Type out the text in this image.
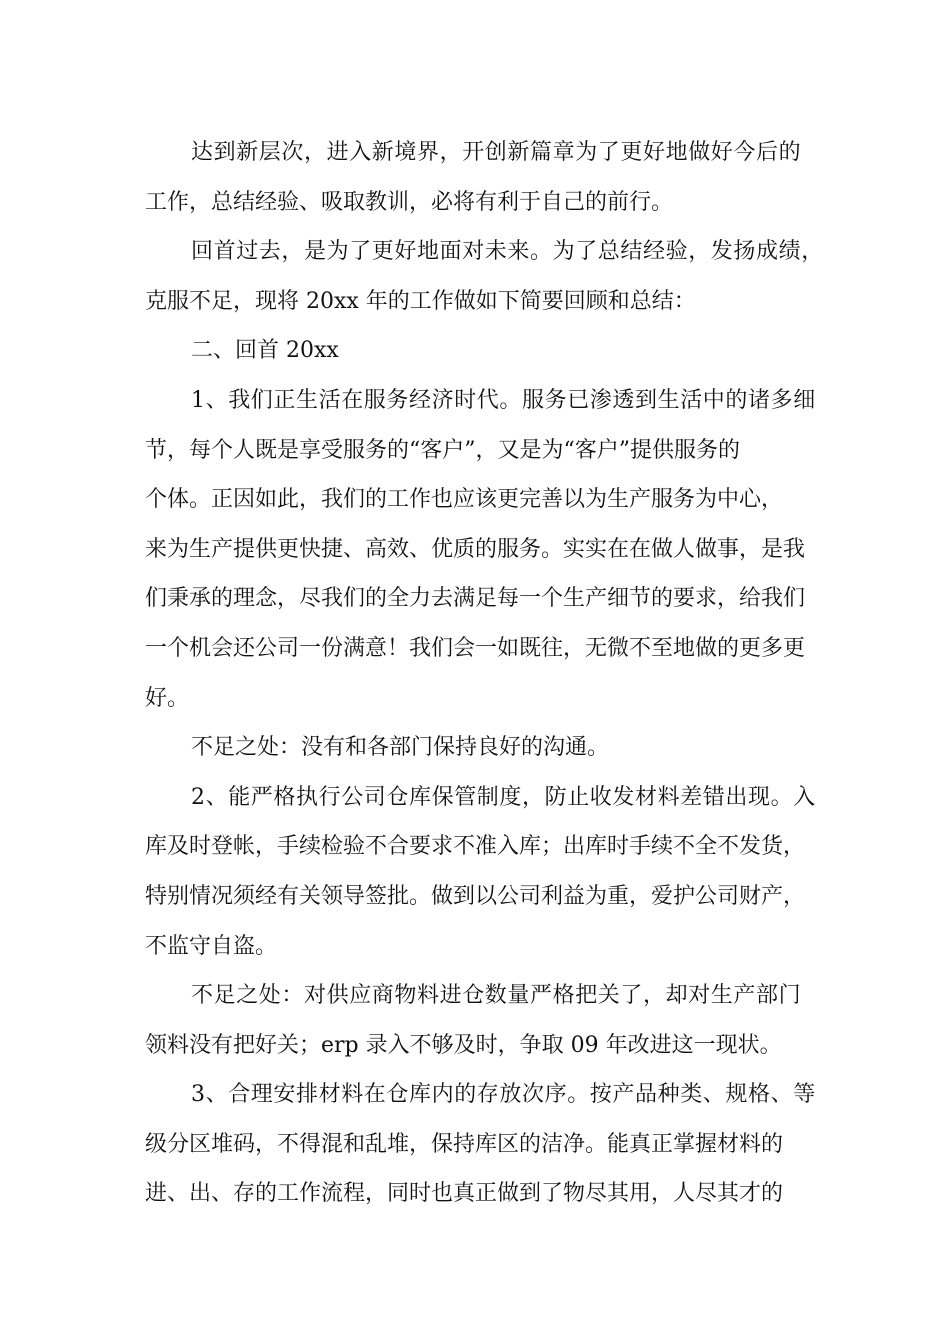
达到新层次，进入新境界，开创新篇章为了更好地做好今后的
工作，总结经验、吸取教训，必将有利于自己的前行。
回首过去，是为了更好地面对未来。为了总结经验，发扬成绩，
克服不足，现将 20xx 年的工作做如下简要回顾和总结：
二、回首 20xx
1、我们正生活在服务经济时代。服务已渗透到生活中的诸多细
节，每个人既是享受服务的“客户”，又是为“客户”提供服务的
个体。正因如此，我们的工作也应该更完善以为生产服务为中心，
来为生产提供更快捷、高效、优质的服务。实实在在做人做事，是我
们秉承的理念，尽我们的全力去满足每一个生产细节的要求，给我们
一个机会还公司一份满意！我们会一如既往，无微不至地做的更多更
好。
不足之处：没有和各部门保持良好的沟通。
2、能严格执行公司仓库保管制度，防止收发材料差错出现。入
库及时登帐，手续检验不合要求不准入库；出库时手续不全不发货，
特别情况须经有关领导签批。做到以公司利益为重，爱护公司财产，
不监守自盗。
不足之处：对供应商物料进仓数量严格把关了，却对生产部门
领料没有把好关；erp 录入不够及时，争取 09 年改进这一现状。
3、合理安排材料在仓库内的存放次序。按产品种类、规格、等
级分区堆码，不得混和乱堆，保持库区的洁净。能真正掌握材料的
进、出、存的工作流程，同时也真正做到了物尽其用，人尽其才的
